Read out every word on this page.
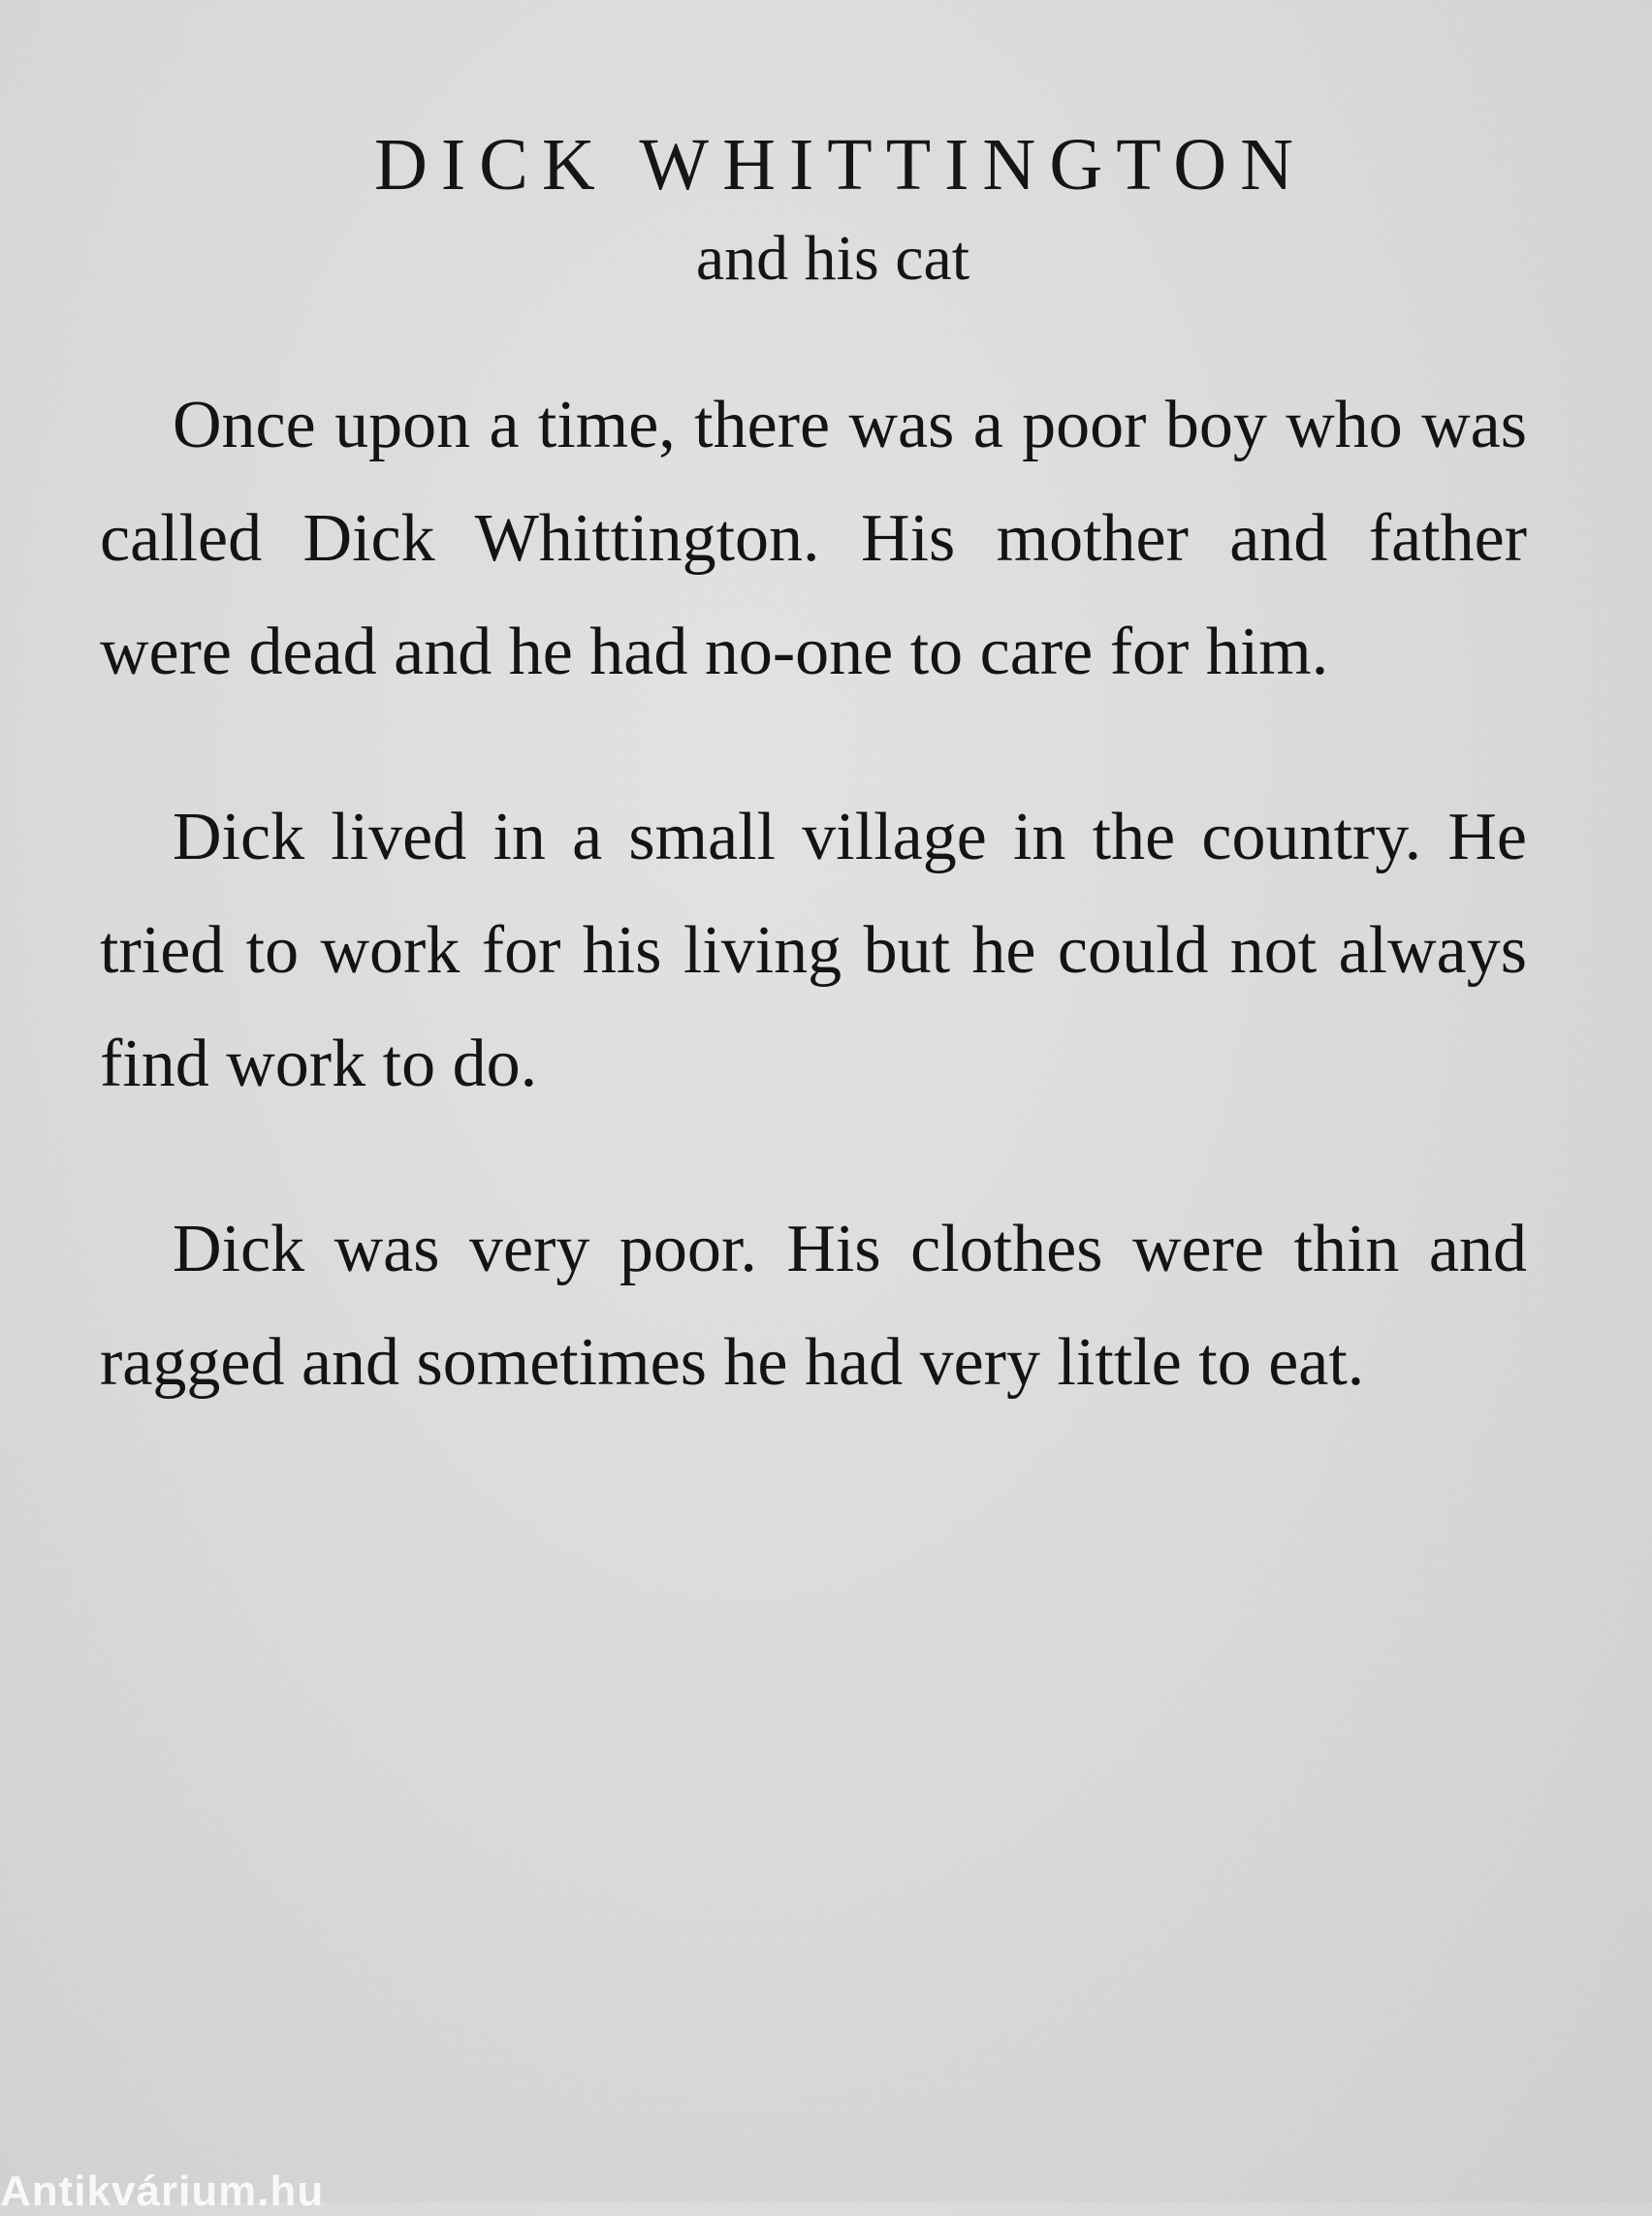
DICK WHITTINGTON
and his cat

Once upon a time, there was a poor boy who was called Dick Whittington. His mother and father were dead and he had no-one to care for him.

Dick lived in a small village in the country. He tried to work for his living but he could not always find work to do.

Dick was very poor. His clothes were thin and ragged and sometimes he had very little to eat.

Antikvárium.hu
